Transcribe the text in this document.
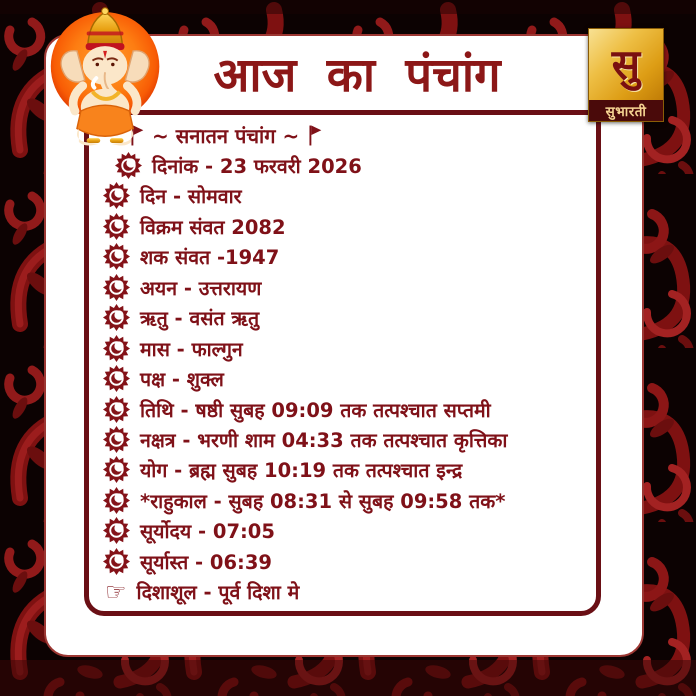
आज का पंचांग
~ सनातन पंचांग ~
दिनांक - 23 फरवरी 2026
दिन - सोमवार
विक्रम संवत 2082
शक संवत -1947
अयन - उत्तरायण
ऋतु - वसंत ऋतु
मास - फाल्गुन
पक्ष - शुक्ल
तिथि - षष्ठी सुबह 09:09 तक तत्पश्चात सप्तमी
नक्षत्र - भरणी शाम 04:33 तक तत्पश्चात कृत्तिका
योग - ब्रह्म सुबह 10:19 तक तत्पश्चात इन्द्र
*राहुकाल - सुबह 08:31 से सुबह 09:58 तक*
सूर्योदय - 07:05
सूर्यास्त - 06:39
☞ दिशाशूल - पूर्व दिशा मे
सु
सुभारती
